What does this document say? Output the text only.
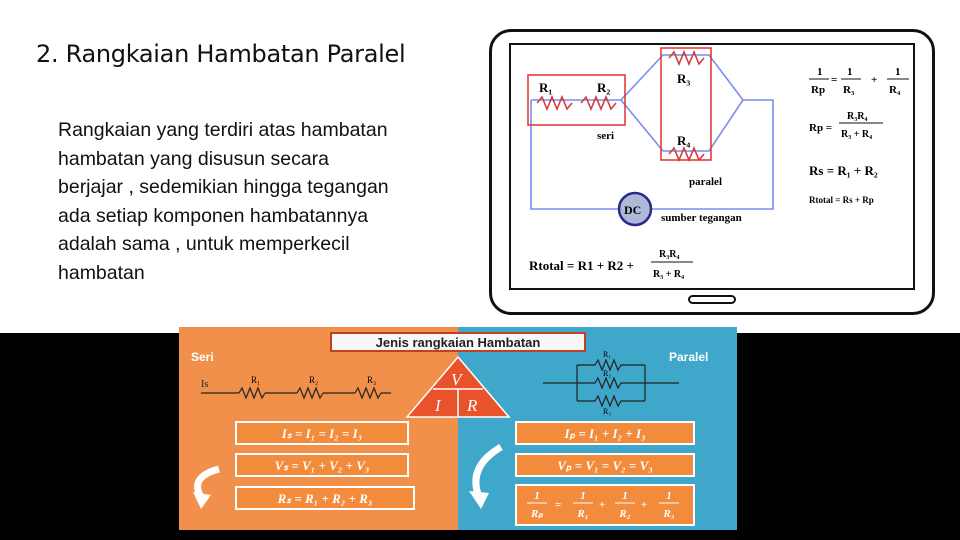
2. Rangkaian Hambatan Paralel
Rangkaian yang terdiri atas hambatan
hambatan yang disusun secara
berjajar , sedemikian hingga tegangan
ada setiap komponen hambatannya
adalah sama , untuk memperkecil
hambatan
R₁	R₂
R₃
R₄
seri
paralel
DC
sumber tegangan
1
Rp
=
1
R₃
+
1
R₄
Rp =
R₃R₄
R₃ + R₄
Rs = R₁ + R₂
Rtotal = Rs + Rp
Rtotal = R1 + R2 +
R₃R₄
R₃ + R₄
Jenis rangkaian Hambatan
Seri	Paralel
Is	R₁	R₂	R₃
R₁
R₂
R₃
V
I R
Iₛ = I₁ = I₂ = I₃
Vₛ = V₁ + V₂ + V₃
Rₛ = R₁ + R₂ + R₃
Iₚ = I₁ + I₂ + I₃
Vₚ = V₁ = V₂ = V₃
1
Rₚ
=
1
R₁
+
1
R₂
+
1
R₃
